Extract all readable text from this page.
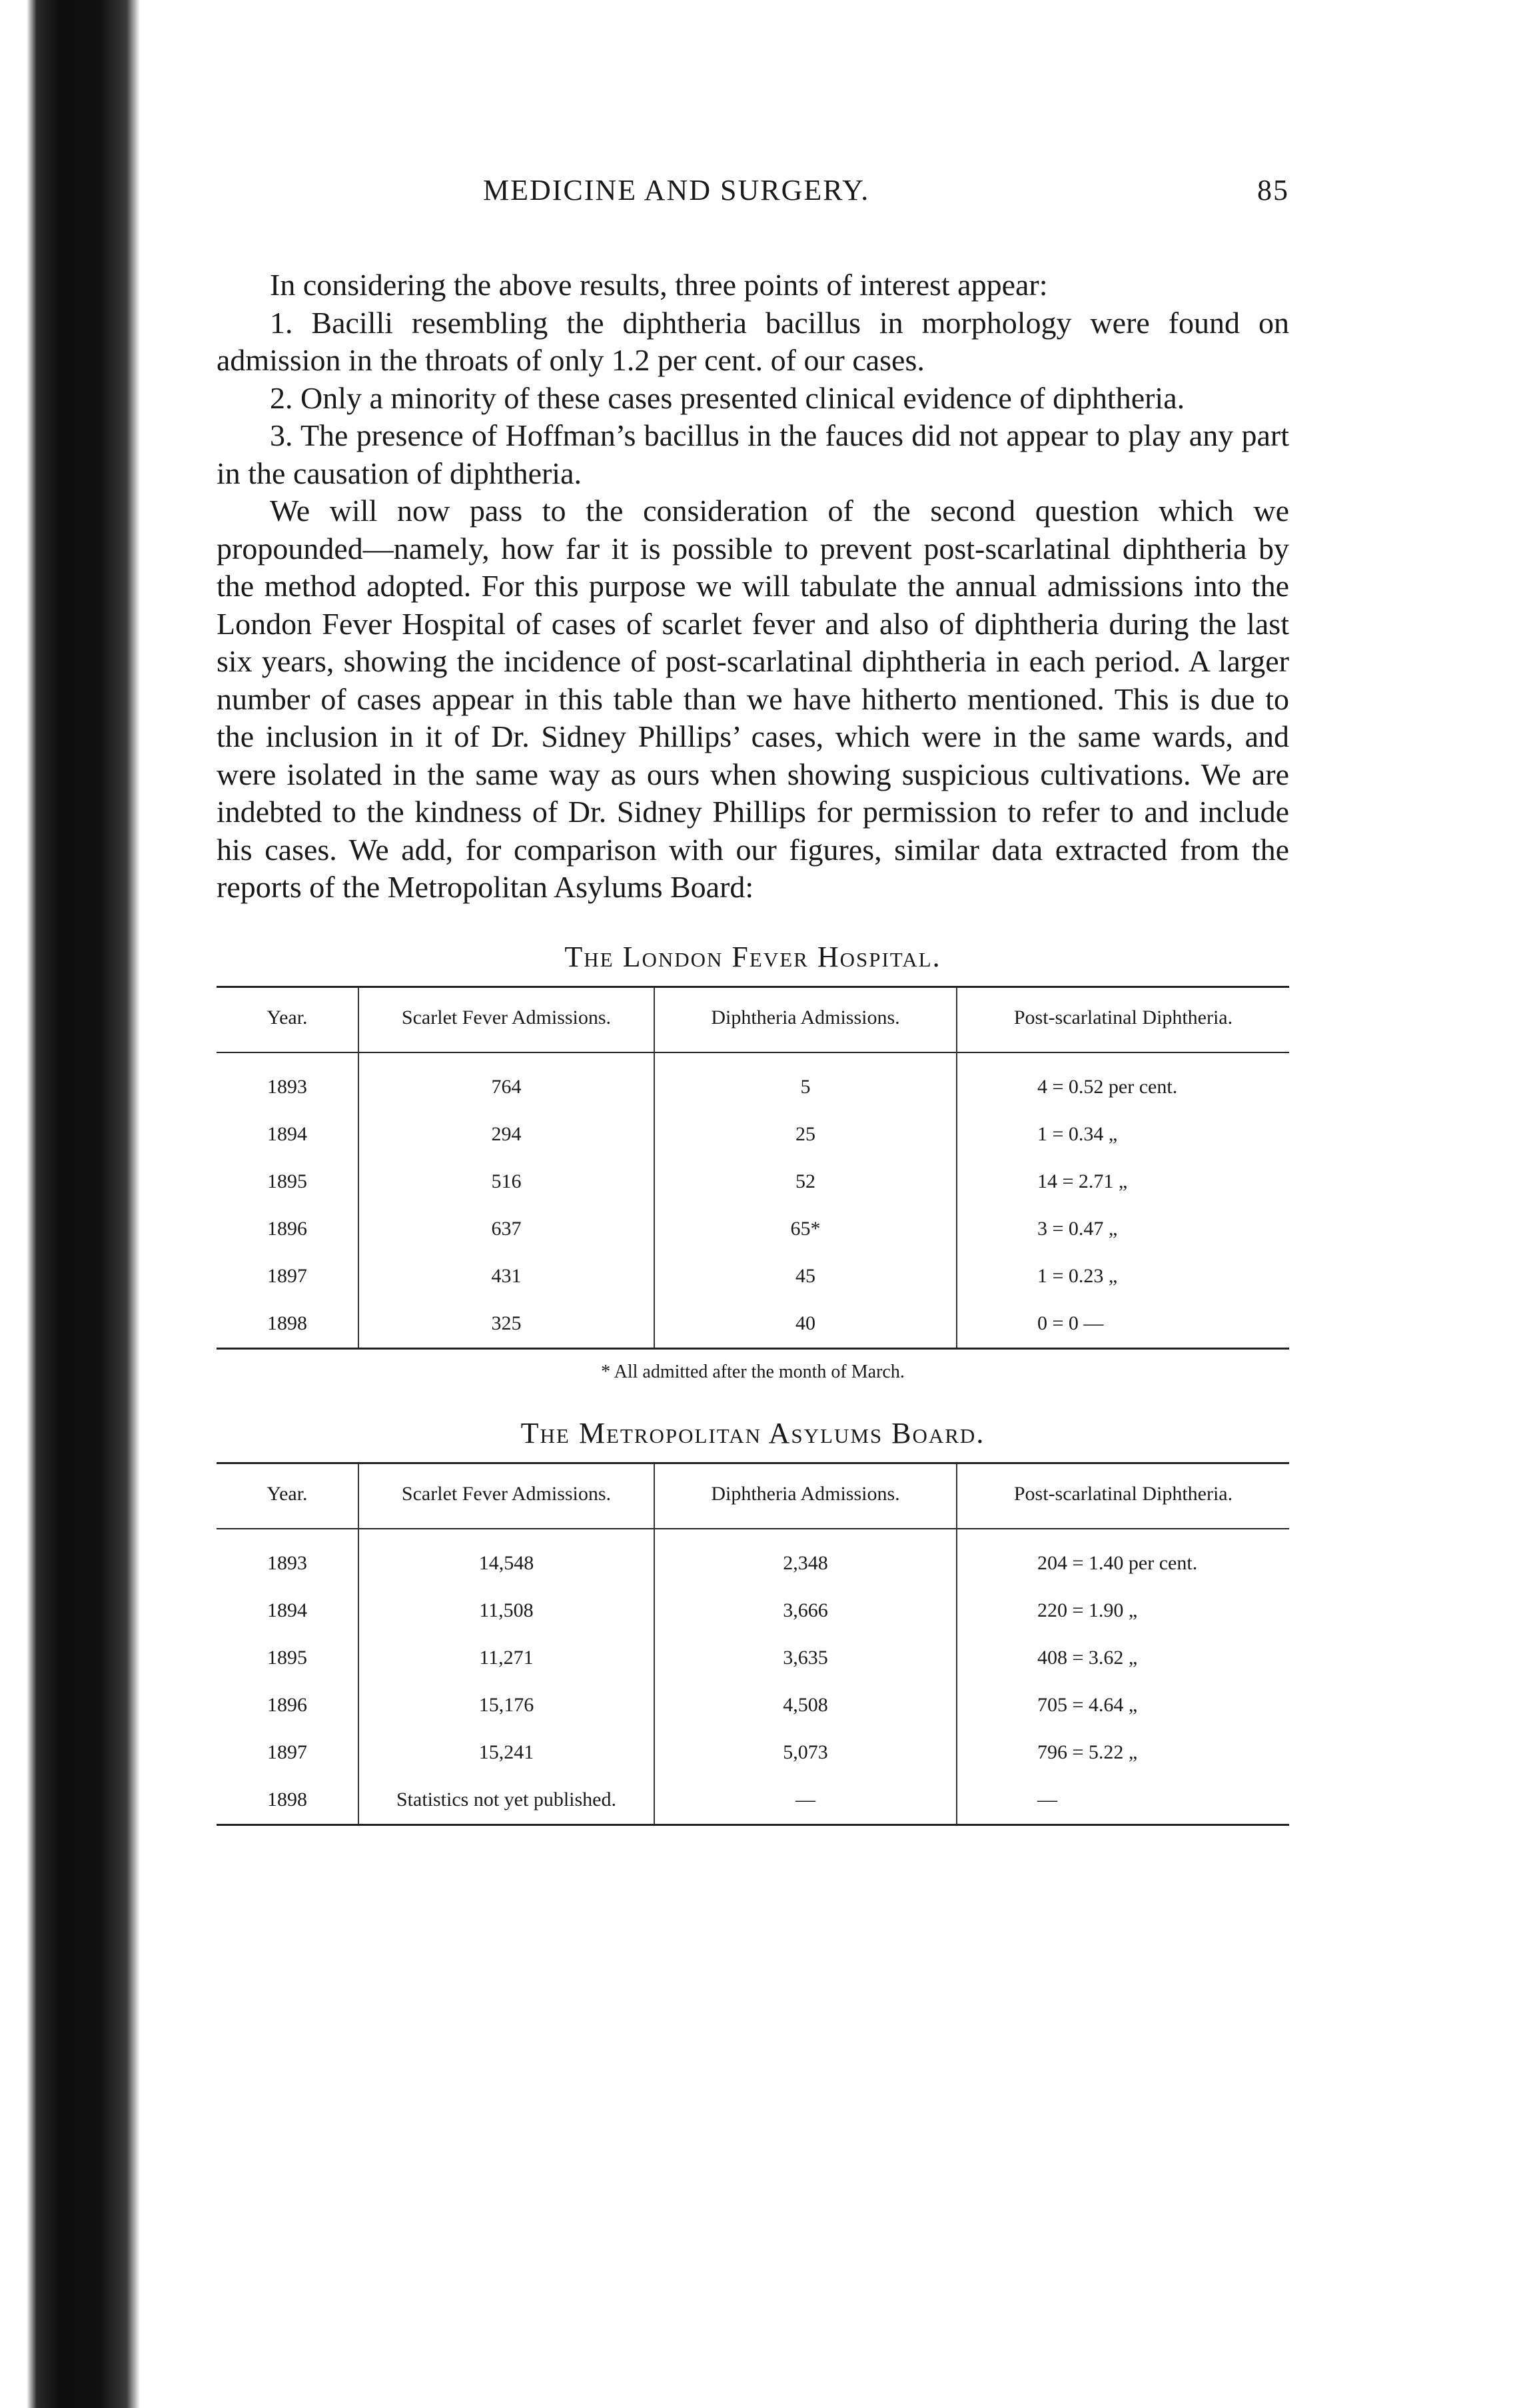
MEDICINE AND SURGERY.	85

In considering the above results, three points of interest appear:

1. Bacilli resembling the diphtheria bacillus in morphology were found on admission in the throats of only 1.2 per cent. of our cases.

2. Only a minority of these cases presented clinical evidence of diphtheria.

3. The presence of Hoffman’s bacillus in the fauces did not appear to play any part in the causation of diphtheria.

We will now pass to the consideration of the second question which we propounded—namely, how far it is possible to prevent post-scarlatinal diphtheria by the method adopted. For this purpose we will tabulate the annual admissions into the London Fever Hospital of cases of scarlet fever and also of diphtheria during the last six years, showing the incidence of post-scarlatinal diphtheria in each period. A larger number of cases appear in this table than we have hitherto mentioned. This is due to the inclusion in it of Dr. Sidney Phillips’ cases, which were in the same wards, and were isolated in the same way as ours when showing suspicious cultivations. We are indebted to the kindness of Dr. Sidney Phillips for permission to refer to and include his cases. We add, for comparison with our figures, similar data extracted from the reports of the Metropolitan Asylums Board:

The London Fever Hospital.
Year.	Scarlet Fever Admissions.	Diphtheria Admissions.	Post-scarlatinal Diphtheria.
1893	764	5	4 = 0.52 per cent.
1894	294	25	1 = 0.34 „
1895	516	52	14 = 2.71 „
1896	637	65*	3 = 0.47 „
1897	431	45	1 = 0.23 „
1898	325	40	0 = 0 —
* All admitted after the month of March.
The Metropolitan Asylums Board.
Year.	Scarlet Fever Admissions.	Diphtheria Admissions.	Post-scarlatinal Diphtheria.
1893	14,548	2,348	204 = 1.40 per cent.
1894	11,508	3,666	220 = 1.90 „
1895	11,271	3,635	408 = 3.62 „
1896	15,176	4,508	705 = 4.64 „
1897	15,241	5,073	796 = 5.22 „
1898	Statistics not yet published.	—	—
